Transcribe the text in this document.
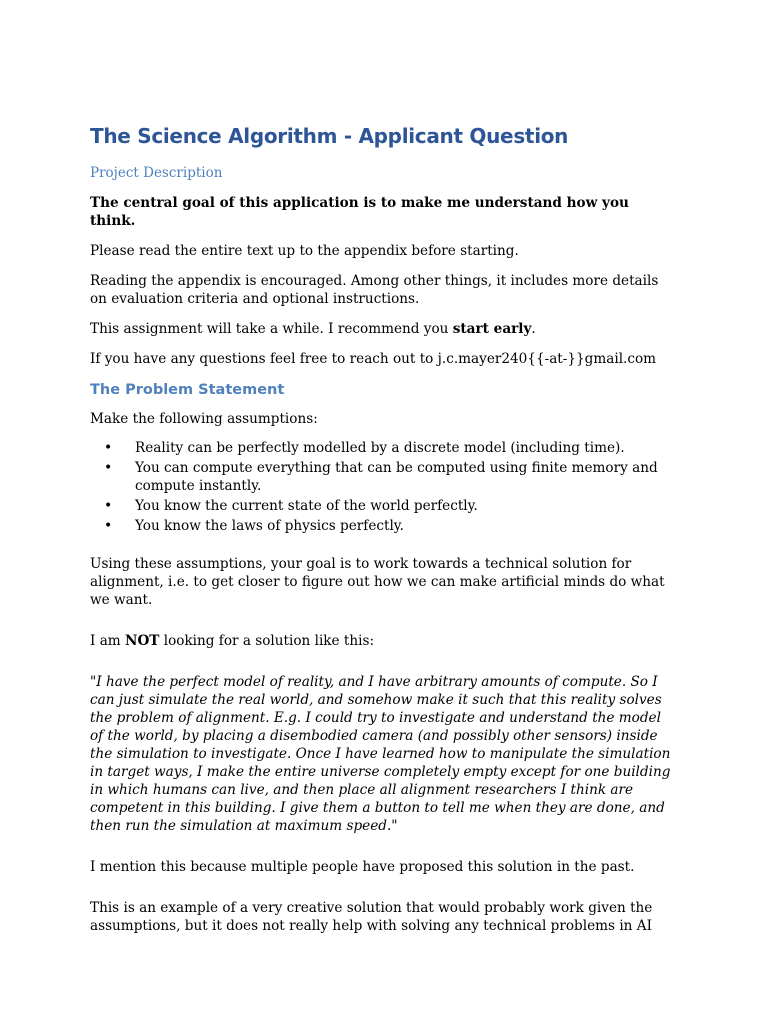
The Science Algorithm - Applicant Question
Project Description

The central goal of this application is to make me understand how you think.

Please read the entire text up to the appendix before starting.

Reading the appendix is encouraged. Among other things, it includes more details on evaluation criteria and optional instructions.

This assignment will take a while. I recommend you start early.

If you have any questions feel free to reach out to j.c.mayer240{{-at-}}gmail.com

The Problem Statement

Make the following assumptions:

• Reality can be perfectly modelled by a discrete model (including time).
• You can compute everything that can be computed using finite memory and compute instantly.
• You know the current state of the world perfectly.
• You know the laws of physics perfectly.

Using these assumptions, your goal is to work towards a technical solution for alignment, i.e. to get closer to figure out how we can make artificial minds do what we want.

I am NOT looking for a solution like this:

"I have the perfect model of reality, and I have arbitrary amounts of compute. So I can just simulate the real world, and somehow make it such that this reality solves the problem of alignment. E.g. I could try to investigate and understand the model of the world, by placing a disembodied camera (and possibly other sensors) inside the simulation to investigate. Once I have learned how to manipulate the simulation in target ways, I make the entire universe completely empty except for one building in which humans can live, and then place all alignment researchers I think are competent in this building. I give them a button to tell me when they are done, and then run the simulation at maximum speed."

I mention this because multiple people have proposed this solution in the past.

This is an example of a very creative solution that would probably work given the assumptions, but it does not really help with solving any technical problems in AI
